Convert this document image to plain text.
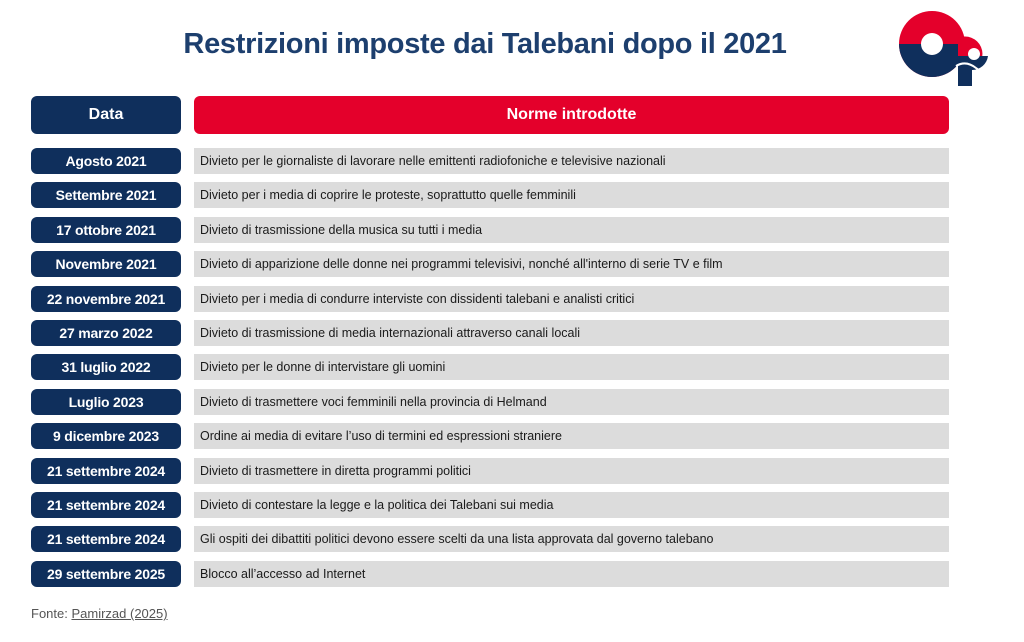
Restrizioni imposte dai Talebani dopo il 2021
Data	Norme introdotte
Agosto 2021	Divieto per le giornaliste di lavorare nelle emittenti radiofoniche e televisive nazionali
Settembre 2021	Divieto per i media di coprire le proteste, soprattutto quelle femminili
17 ottobre 2021	Divieto di trasmissione della musica su tutti i media
Novembre 2021	Divieto di apparizione delle donne nei programmi televisivi, nonché all'interno di serie TV e film
22 novembre 2021	Divieto per i media di condurre interviste con dissidenti talebani e analisti critici
27 marzo 2022	Divieto di trasmissione di media internazionali attraverso canali locali
31 luglio 2022	Divieto per le donne di intervistare gli uomini
Luglio 2023	Divieto di trasmettere voci femminili nella provincia di Helmand
9 dicembre 2023	Ordine ai media di evitare l’uso di termini ed espressioni straniere
21 settembre 2024	Divieto di trasmettere in diretta programmi politici
21 settembre 2024	Divieto di contestare la legge e la politica dei Talebani sui media
21 settembre 2024	Gli ospiti dei dibattiti politici devono essere scelti da una lista approvata dal governo talebano
29 settembre 2025	Blocco all’accesso ad Internet
Fonte: Pamirzad (2025)
